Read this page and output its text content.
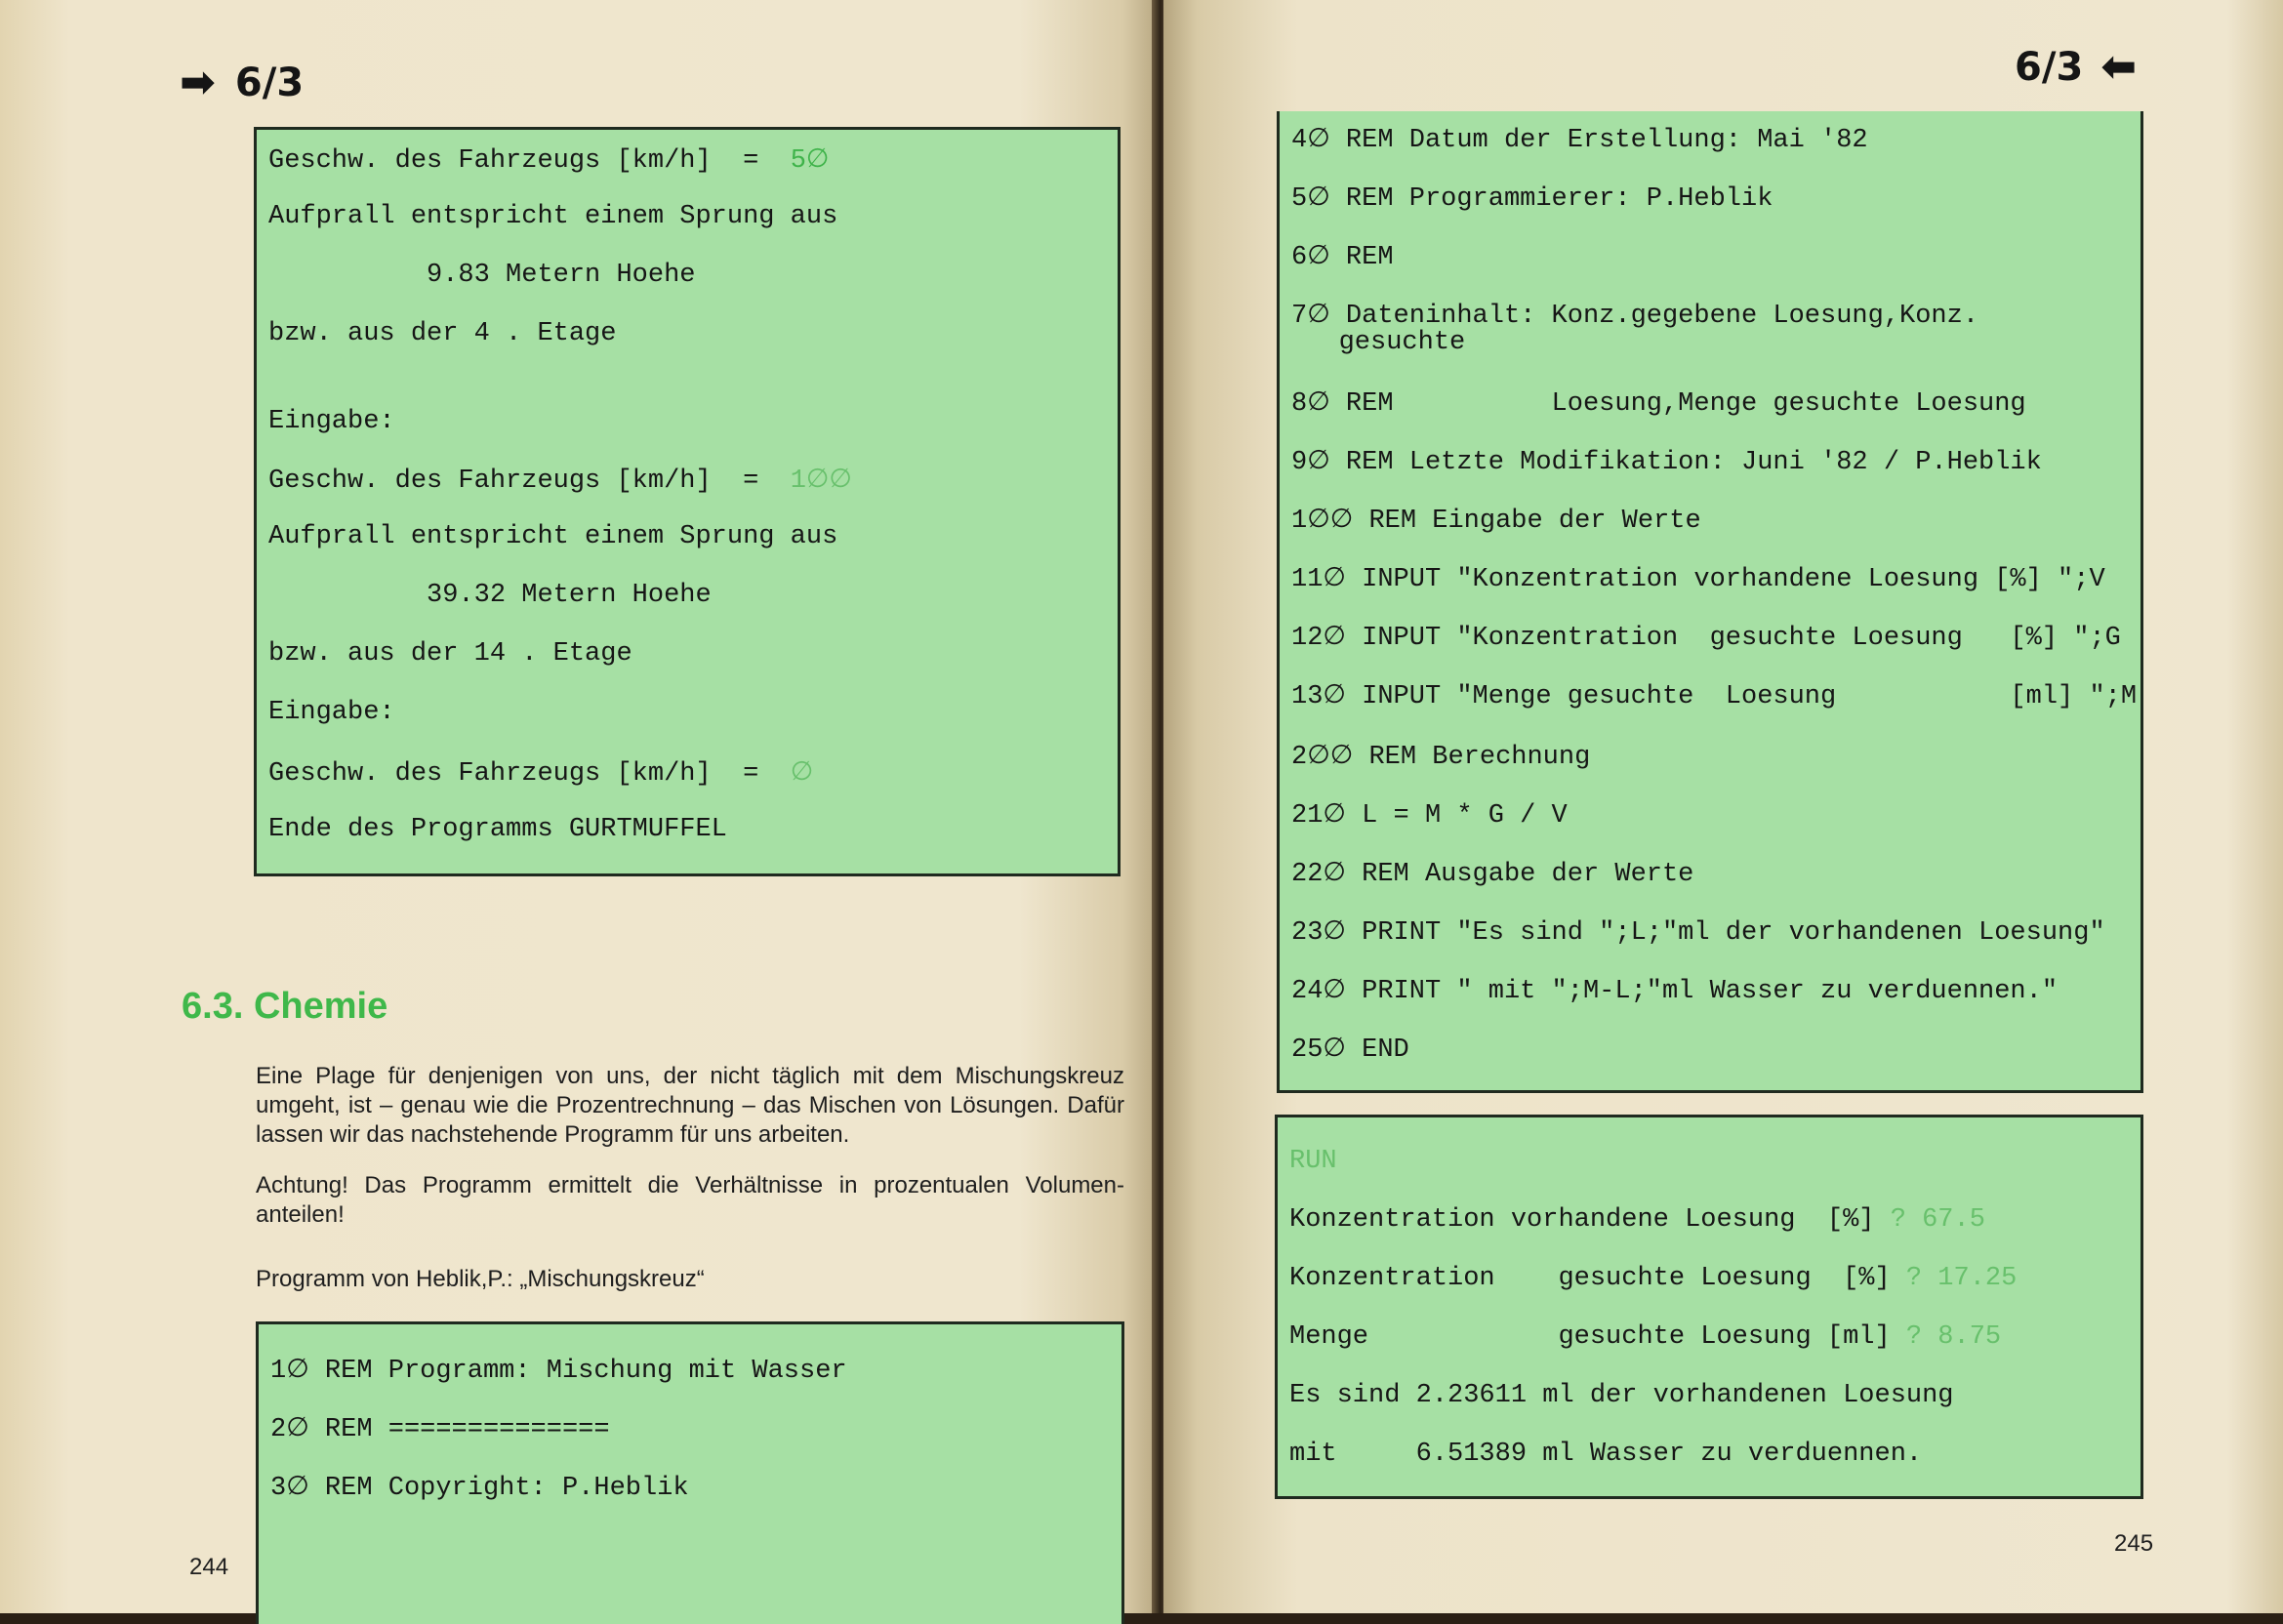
➡ 6/3
Geschw. des Fahrzeugs [km/h]  =  5∅
Aufprall entspricht einem Sprung aus
9.83 Metern Hoehe
bzw. aus der 4 . Etage
Eingabe:
Geschw. des Fahrzeugs [km/h]  =  1∅∅
Aufprall entspricht einem Sprung aus
39.32 Metern Hoehe
bzw. aus der 14 . Etage
Eingabe:
Geschw. des Fahrzeugs [km/h]  =  ∅
Ende des Programms GURTMUFFEL
6.3. Chemie
Eine Plage für denjenigen von uns, der nicht täglich mit dem Mischungskreuz umgeht, ist – genau wie die Prozentrechnung – das Mischen von Lösungen. Dafür lassen wir das nachstehende Programm für uns arbeiten.
Achtung! Das Programm ermittelt die Verhältnisse in prozentualen Volumenanteilen!
Programm von Heblik,P.: „Mischungskreuz“
1∅ REM Programm: Mischung mit Wasser
2∅ REM ==============
3∅ REM Copyright: P.Heblik
244
6/3 ⬅
4∅ REM Datum der Erstellung: Mai '82
5∅ REM Programmierer: P.Heblik
6∅ REM
7∅ Dateninhalt: Konz.gegebene Loesung,Konz.
gesuchte
8∅ REM          Loesung,Menge gesuchte Loesung
9∅ REM Letzte Modifikation: Juni '82 / P.Heblik
1∅∅ REM Eingabe der Werte
11∅ INPUT "Konzentration vorhandene Loesung [%] ";V
12∅ INPUT "Konzentration  gesuchte Loesung   [%] ";G
13∅ INPUT "Menge gesuchte  Loesung           [ml] ";M
2∅∅ REM Berechnung
21∅ L = M * G / V
22∅ REM Ausgabe der Werte
23∅ PRINT "Es sind ";L;"ml der vorhandenen Loesung"
24∅ PRINT " mit ";M-L;"ml Wasser zu verduennen."
25∅ END
RUN
Konzentration vorhandene Loesung  [%] ? 67.5
Konzentration    gesuchte Loesung  [%] ? 17.25
Menge            gesuchte Loesung [ml] ? 8.75
Es sind 2.23611 ml der vorhandenen Loesung
mit     6.51389 ml Wasser zu verduennen.
245
